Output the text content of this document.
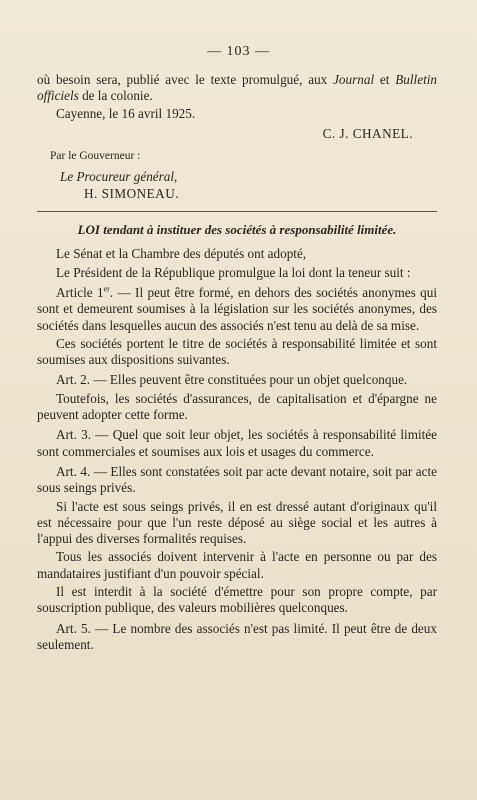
— 103 —
où besoin sera, publié avec le texte promulgué, aux Journal et Bulletin officiels de la colonie.
Cayenne, le 16 avril 1925.
C. J. CHANEL.
Par le Gouverneur :
Le Procureur général,
H. SIMONEAU.
LOI tendant à instituer des sociétés à responsabilité limitée.

Le Sénat et la Chambre des députés ont adopté,

Le Président de la République promulgue la loi dont la teneur suit :

Article 1er. — Il peut être formé, en dehors des sociétés anonymes qui sont et demeurent soumises à la législation sur les sociétés anonymes, des sociétés dans lesquelles aucun des associés n'est tenu au delà de sa mise.

Ces sociétés portent le titre de sociétés à responsabilité limitée et sont soumises aux dispositions suivantes.

Art. 2. — Elles peuvent être constituées pour un objet quelconque.

Toutefois, les sociétés d'assurances, de capitalisation et d'épargne ne peuvent adopter cette forme.

Art. 3. — Quel que soit leur objet, les sociétés à responsabilité limitée sont commerciales et soumises aux lois et usages du commerce.

Art. 4. — Elles sont constatées soit par acte devant notaire, soit par acte sous seings privés.

Si l'acte est sous seings privés, il en est dressé autant d'originaux qu'il est nécessaire pour que l'un reste déposé au siège social et les autres à l'appui des diverses formalités requises.

Tous les associés doivent intervenir à l'acte en personne ou par des mandataires justifiant d'un pouvoir spécial.

Il est interdit à la société d'émettre pour son propre compte, par souscription publique, des valeurs mobilières quelconques.

Art. 5. — Le nombre des associés n'est pas limité. Il peut être de deux seulement.
